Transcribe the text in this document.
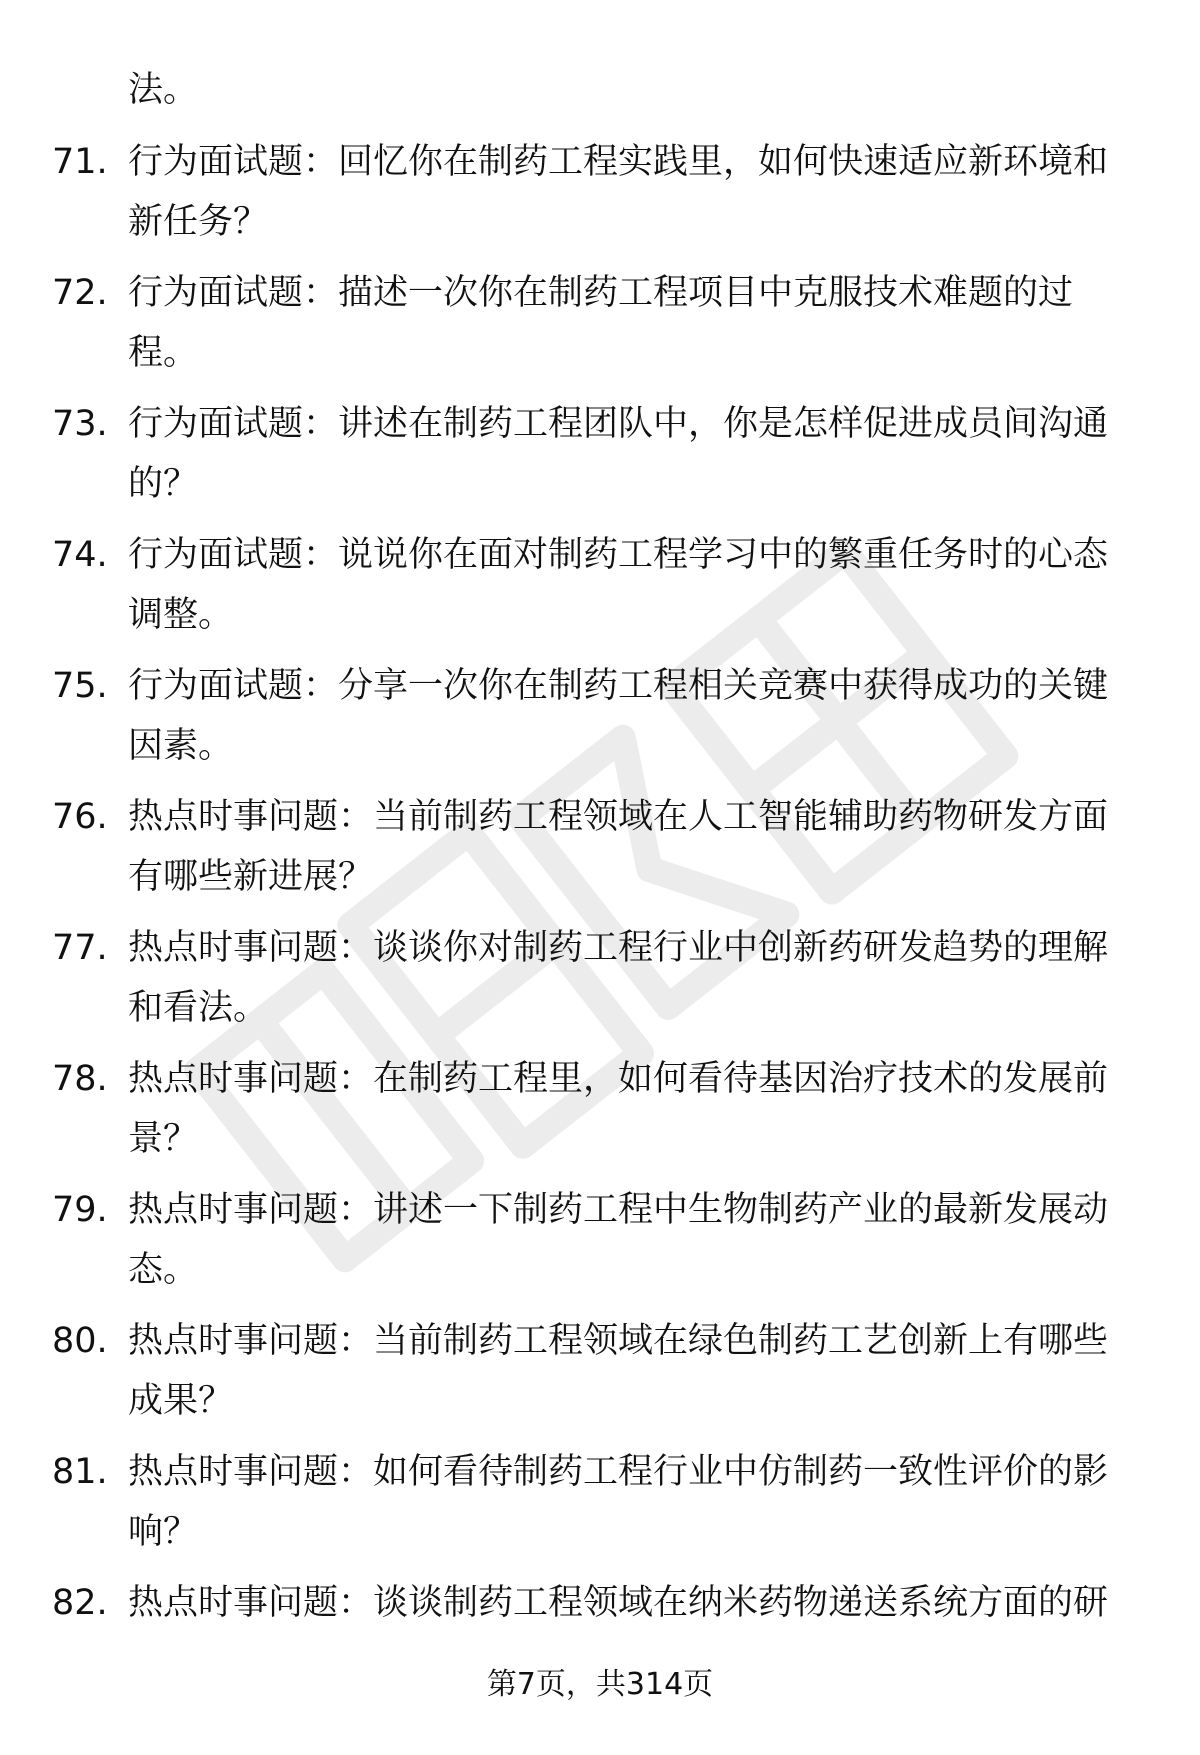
法。
71. 行为面试题：回忆你在制药工程实践里，如何快速适应新环境和
新任务？
72. 行为面试题：描述一次你在制药工程项目中克服技术难题的过
程。
73. 行为面试题：讲述在制药工程团队中，你是怎样促进成员间沟通
的？
74. 行为面试题：说说你在面对制药工程学习中的繁重任务时的心态
调整。
75. 行为面试题：分享一次你在制药工程相关竞赛中获得成功的关键
因素。
76. 热点时事问题：当前制药工程领域在人工智能辅助药物研发方面
有哪些新进展？
77. 热点时事问题：谈谈你对制药工程行业中创新药研发趋势的理解
和看法。
78. 热点时事问题：在制药工程里，如何看待基因治疗技术的发展前
景？
79. 热点时事问题：讲述一下制药工程中生物制药产业的最新发展动
态。
80. 热点时事问题：当前制药工程领域在绿色制药工艺创新上有哪些
成果？
81. 热点时事问题：如何看待制药工程行业中仿制药一致性评价的影
响？
82. 热点时事问题：谈谈制药工程领域在纳米药物递送系统方面的研
第7页，共314页
